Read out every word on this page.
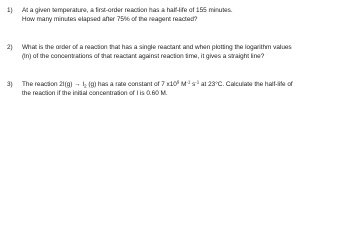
1) At a given temperature, a first-order reaction has a half-life of 155 minutes.
How many minutes elapsed after 75% of the reagent reacted?
2) What is the order of a reaction that has a single reactant and when plotting the logarithm values
(ln) of the concentrations of that reactant against reaction time, it gives a straight line?
3) The reaction $2I(g) \to I_2$ (g) has a rate constant of 7 $x10^9$ $M^{-1}$ $s^{-1}$ at 23°C. Calculate the half-life of
the reaction if the initial concentration of I is 0.60 M.
